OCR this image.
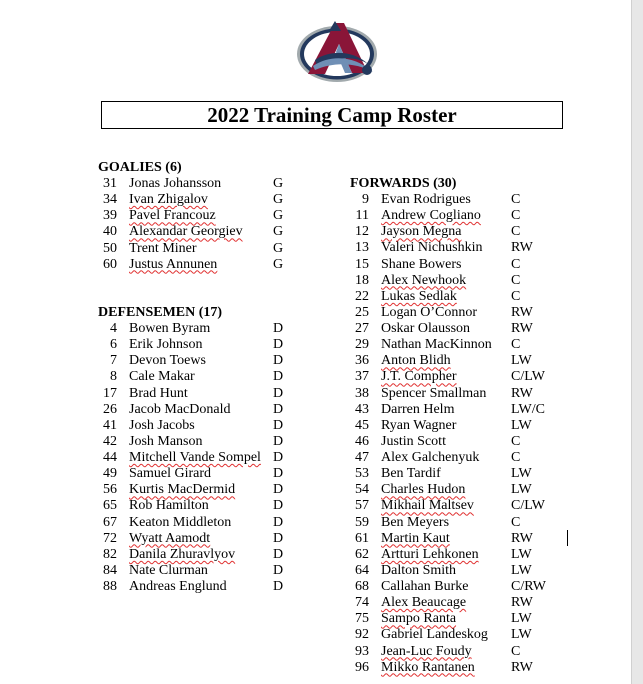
2022 Training Camp Roster
GOALIES (6)
31 Jonas Johansson	G
34 Ivan Zhigalov	G
39 Pavel Francouz	G
40 Alexandar Georgiev G
50 Trent Miner	G
60 Justus Annunen	G
DEFENSEMEN (17)
4 Bowen Byram	D
6 Erik Johnson	D
7 Devon Toews	D
8 Cale Makar	D
17 Brad Hunt	D
26 Jacob MacDonald	D
41 Josh Jacobs	D
42 Josh Manson	D
44 Mitchell Vande Sompel D
49 Samuel Girard	D
56 Kurtis MacDermid	D
65 Rob Hamilton	D
67 Keaton Middleton	D
72 Wyatt Aamodt	D
82 Danila Zhuravlyov	D
84 Nate Clurman	D
88 Andreas Englund	D
FORWARDS (30)
9 Evan Rodrigues	C
11 Andrew Cogliano C
12 Jayson Megna	C
13 Valeri Nichushkin RW
15 Shane Bowers	C
18 Alex Newhook	C
22 Lukas Sedlak	C
25 Logan O’Connor RW
27 Oskar Olausson	RW
29 Nathan MacKinnon C
36 Anton Blidh	LW
37 J.T. Compher	C/LW
38 Spencer Smallman RW
43 Darren Helm	LW/C
45 Ryan Wagner	LW
46 Justin Scott	C
47 Alex Galchenyuk C
53 Ben Tardif	LW
54 Charles Hudon	LW
57 Mikhail Maltsev	C/LW
59 Ben Meyers	C
61 Martin Kaut	RW
62 Artturi Lehkonen LW
64 Dalton Smith	LW
68 Callahan Burke	C/RW
74 Alex Beaucage	RW
75 Sampo Ranta	LW
92 Gabriel Landeskog LW
93 Jean-Luc Foudy	C
96 Mikko Rantanen	RW
